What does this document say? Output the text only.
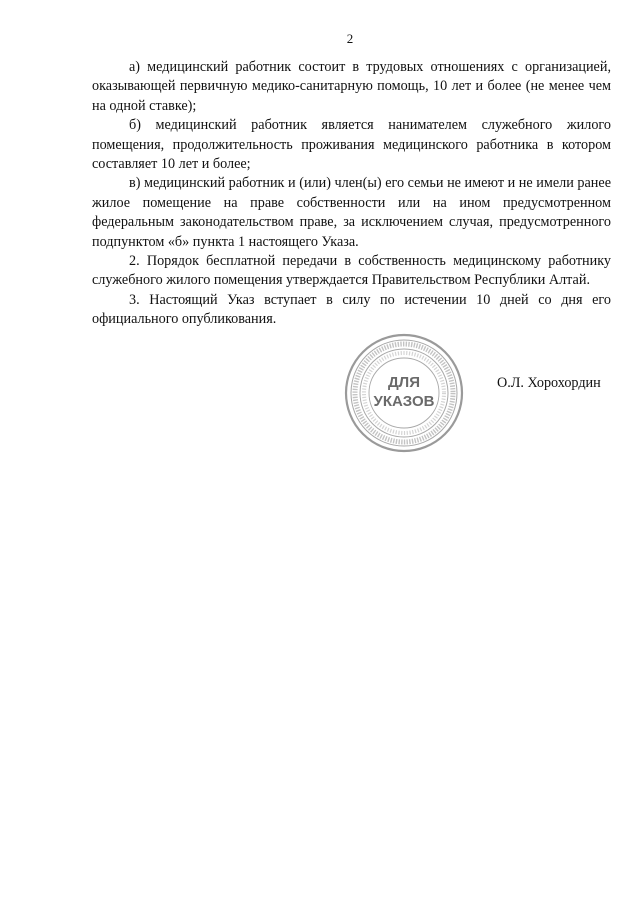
2

а) медицинский работник состоит в трудовых отношениях с организацией, оказывающей первичную медико-санитарную помощь, 10 лет и более (не менее чем на одной ставке);

б) медицинский работник является нанимателем служебного жилого помещения, продолжительность проживания медицинского работника в котором составляет 10 лет и более;

в) медицинский работник и (или) член(ы) его семьи не имеют и не имели ранее жилое помещение на праве собственности или на ином предусмотренном федеральным законодательством праве, за исключением случая, предусмотренного подпунктом «б» пункта 1 настоящего Указа.

2. Порядок бесплатной передачи в собственность медицинскому работнику служебного жилого помещения утверждается Правительством Республики Алтай.

3. Настоящий Указ вступает в силу по истечении 10 дней со дня его официального опубликования.

ДЛЯ
УКАЗОВ
О.Л. Хорохордин
